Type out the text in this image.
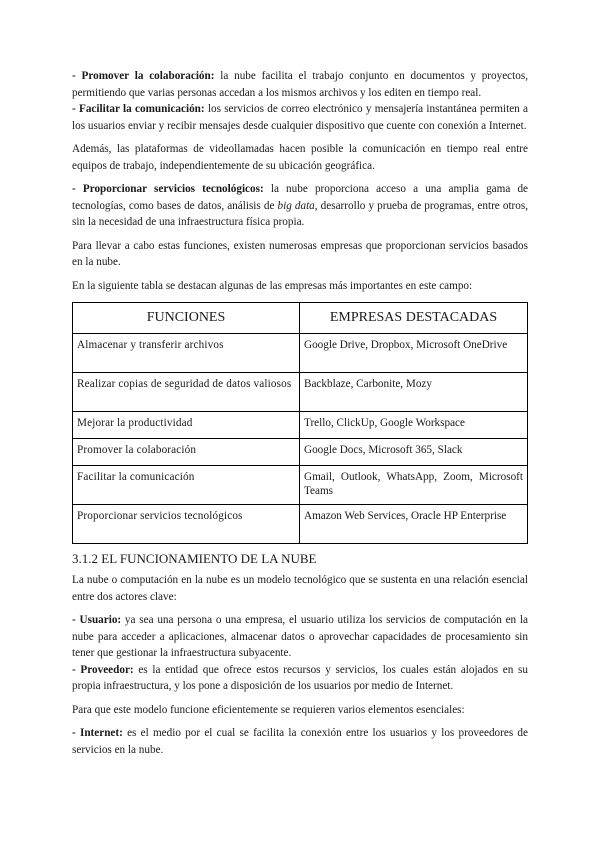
- Promover la colaboración: la nube facilita el trabajo conjunto en documentos y proyectos, permitiendo que varias personas accedan a los mismos archivos y los editen en tiempo real.

- Facilitar la comunicación: los servicios de correo electrónico y mensajería instantánea permiten a los usuarios enviar y recibir mensajes desde cualquier dispositivo que cuente con conexión a Internet.

Además, las plataformas de videollamadas hacen posible la comunicación en tiempo real entre equipos de trabajo, independientemente de su ubicación geográfica.

- Proporcionar servicios tecnológicos: la nube proporciona acceso a una amplia gama de tecnologías, como bases de datos, análisis de big data, desarrollo y prueba de programas, entre otros, sin la necesidad de una infraestructura física propia.

Para llevar a cabo estas funciones, existen numerosas empresas que proporcionan servicios basados en la nube.

En la siguiente tabla se destacan algunas de las empresas más importantes en este campo:

FUNCIONES	EMPRESAS DESTACADAS
Almacenar y transferir archivos	Google Drive, Dropbox, Microsoft OneDrive
Realizar copias de seguridad de datos valiosos	Backblaze, Carbonite, Mozy
Mejorar la productividad	Trello, ClickUp, Google Workspace
Promover la colaboración	Google Docs, Microsoft 365, Slack
Facilitar la comunicación	Gmail, Outlook, WhatsApp, Zoom, Microsoft Teams
Proporcionar servicios tecnológicos	Amazon Web Services, Oracle HP Enterprise

3.1.2 EL FUNCIONAMIENTO DE LA NUBE

La nube o computación en la nube es un modelo tecnológico que se sustenta en una relación esencial entre dos actores clave:

- Usuario: ya sea una persona o una empresa, el usuario utiliza los servicios de computación en la nube para acceder a aplicaciones, almacenar datos o aprovechar capacidades de procesamiento sin tener que gestionar la infraestructura subyacente.

- Proveedor: es la entidad que ofrece estos recursos y servicios, los cuales están alojados en su propia infraestructura, y los pone a disposición de los usuarios por medio de Internet.

Para que este modelo funcione eficientemente se requieren varios elementos esenciales:

- Internet: es el medio por el cual se facilita la conexión entre los usuarios y los proveedores de servicios en la nube.
